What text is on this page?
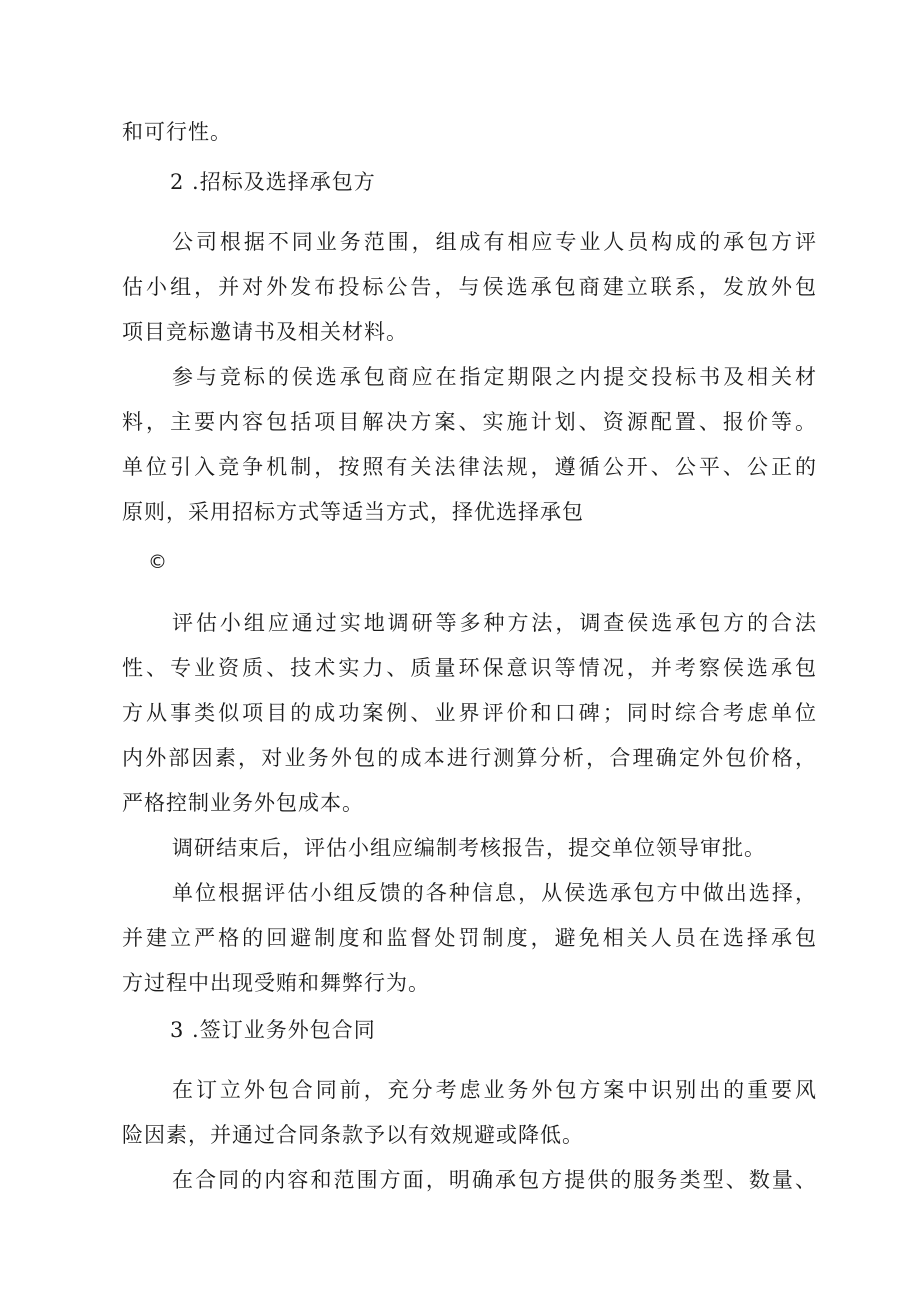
和可行性。
2 .招标及选择承包方
公司根据不同业务范围，组成有相应专业人员构成的承包方评
估小组，并对外发布投标公告，与侯选承包商建立联系，发放外包
项目竞标邀请书及相关材料。
参与竞标的侯选承包商应在指定期限之内提交投标书及相关材
料，主要内容包括项目解决方案、实施计划、资源配置、报价等。
单位引入竞争机制，按照有关法律法规，遵循公开、公平、公正的
原则，采用招标方式等适当方式，择优选择承包
©
评估小组应通过实地调研等多种方法，调查侯选承包方的合法
性、专业资质、技术实力、质量环保意识等情况，并考察侯选承包
方从事类似项目的成功案例、业界评价和口碑；同时综合考虑单位
内外部因素，对业务外包的成本进行测算分析，合理确定外包价格，
严格控制业务外包成本。
调研结束后，评估小组应编制考核报告，提交单位领导审批。
单位根据评估小组反馈的各种信息，从侯选承包方中做出选择，
并建立严格的回避制度和监督处罚制度，避免相关人员在选择承包
方过程中出现受贿和舞弊行为。
3 .签订业务外包合同
在订立外包合同前，充分考虑业务外包方案中识别出的重要风
险因素，并通过合同条款予以有效规避或降低。
在合同的内容和范围方面，明确承包方提供的服务类型、数量、
